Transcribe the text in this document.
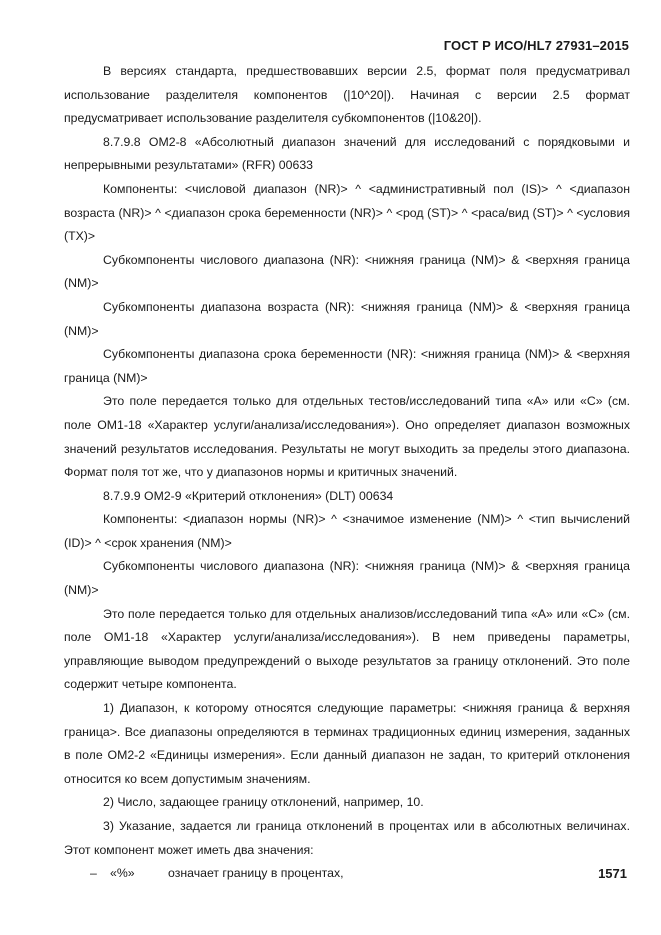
ГОСТ Р ИСО/HL7 27931–2015

В версиях стандарта, предшествовавших версии 2.5, формат поля предусматривал использование разделителя компонентов (|10^20|). Начиная с версии 2.5 формат предусматривает использование разделителя субкомпонентов (|10&20|).

8.7.9.8 OM2-8 «Абсолютный диапазон значений для исследований с порядковыми и непрерывными результатами» (RFR) 00633

Компоненты: <числовой диапазон (NR)> ^ <административный пол (IS)> ^ <диапазон возраста (NR)> ^ <диапазон срока беременности (NR)> ^ <род (ST)> ^ <раса/вид (ST)> ^ <условия (TX)>

Субкомпоненты числового диапазона (NR): <нижняя граница (NM)> & <верхняя граница (NM)>

Субкомпоненты диапазона возраста (NR): <нижняя граница (NM)> & <верхняя граница (NM)>

Субкомпоненты диапазона срока беременности (NR): <нижняя граница (NM)> & <верхняя граница (NM)>

Это поле передается только для отдельных тестов/исследований типа «А» или «С» (см. поле OM1-18 «Характер услуги/анализа/исследования»). Оно определяет диапазон возможных значений результатов исследования. Результаты не могут выходить за пределы этого диапазона. Формат поля тот же, что у диапазонов нормы и критичных значений.

8.7.9.9 OM2-9 «Критерий отклонения» (DLT) 00634

Компоненты: <диапазон нормы (NR)> ^ <значимое изменение (NM)> ^ <тип вычислений (ID)> ^ <срок хранения (NM)>

Субкомпоненты числового диапазона (NR): <нижняя граница (NM)> & <верхняя граница (NM)>

Это поле передается только для отдельных анализов/исследований типа «А» или «С» (см. поле OM1-18 «Характер услуги/анализа/исследования»). В нем приведены параметры, управляющие выводом предупреждений о выходе результатов за границу отклонений. Это поле содержит четыре компонента.

1) Диапазон, к которому относятся следующие параметры: <нижняя граница & верхняя граница>. Все диапазоны определяются в терминах традиционных единиц измерения, заданных в поле OM2-2 «Единицы измерения». Если данный диапазон не задан, то критерий отклонения относится ко всем допустимым значениям.

2) Число, задающее границу отклонений, например, 10.

3) Указание, задается ли граница отклонений в процентах или в абсолютных величинах. Этот компонент может иметь два значения:

– «%»	означает границу в процентах,	1571
